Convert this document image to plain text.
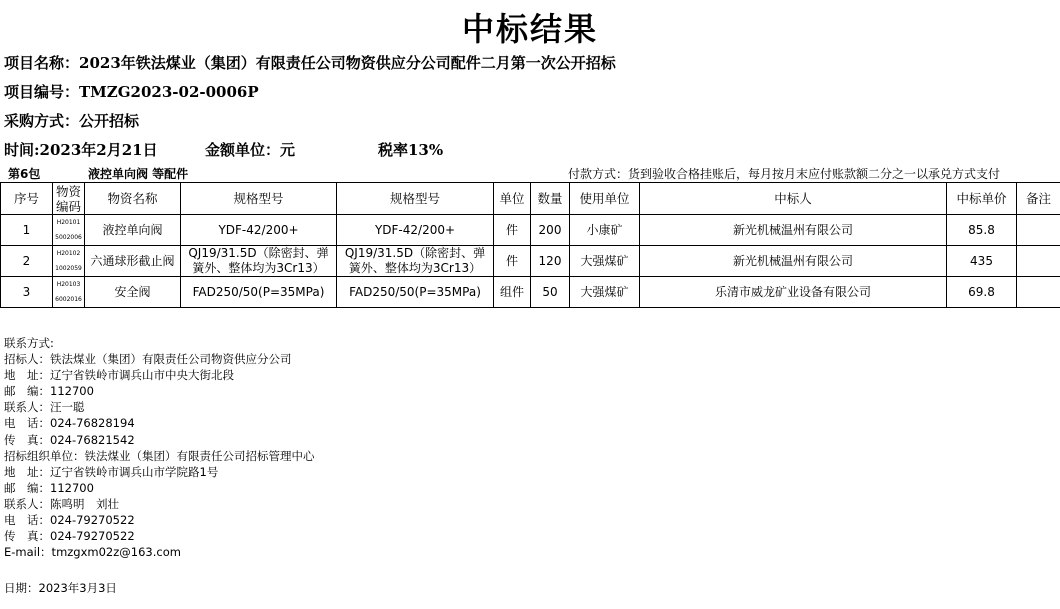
中标结果
项目名称：2023年铁法煤业（集团）有限责任公司物资供应分公司配件二月第一次公开招标
项目编号：TMZG2023-02-0006P
采购方式：公开招标
时间:2023年2月21日	金额单位：元	税率13%
第6包	液控单向阀 等配件	付款方式：货到验收合格挂账后，每月按月末应付账款额二分之一以承兑方式支付
序号	物资编码	物资名称	规格型号	规格型号	单位	数量	使用单位	中标人	中标单价	备注
1	H201015002006	液控单向阀	YDF-42/200+	YDF-42/200+	件	200	小康矿	新光机械温州有限公司	85.8	
2	H201021002059	六通球形截止阀	QJ19/31.5D（除密封、弹簧外、整体均为3Cr13）	QJ19/31.5D（除密封、弹簧外、整体均为3Cr13）	件	120	大强煤矿	新光机械温州有限公司	435	
3	H201036002016	安全阀	FAD250/50(P=35MPa)	FAD250/50(P=35MPa)	组件	50	大强煤矿	乐清市威龙矿业设备有限公司	69.8	
联系方式:
招标人：铁法煤业（集团）有限责任公司物资供应分公司
地　址：辽宁省铁岭市调兵山市中央大街北段
邮　编：112700
联系人：汪一聪
电　话：024-76828194
传　真：024-76821542
招标组织单位：铁法煤业（集团）有限责任公司招标管理中心
地　址：辽宁省铁岭市调兵山市学院路1号
邮　编：112700
联系人：陈鸣明　刘壮
电　话：024-79270522
传　真：024-79270522
E-mail：tmzgxm02z@163.com
日期：2023年3月3日
